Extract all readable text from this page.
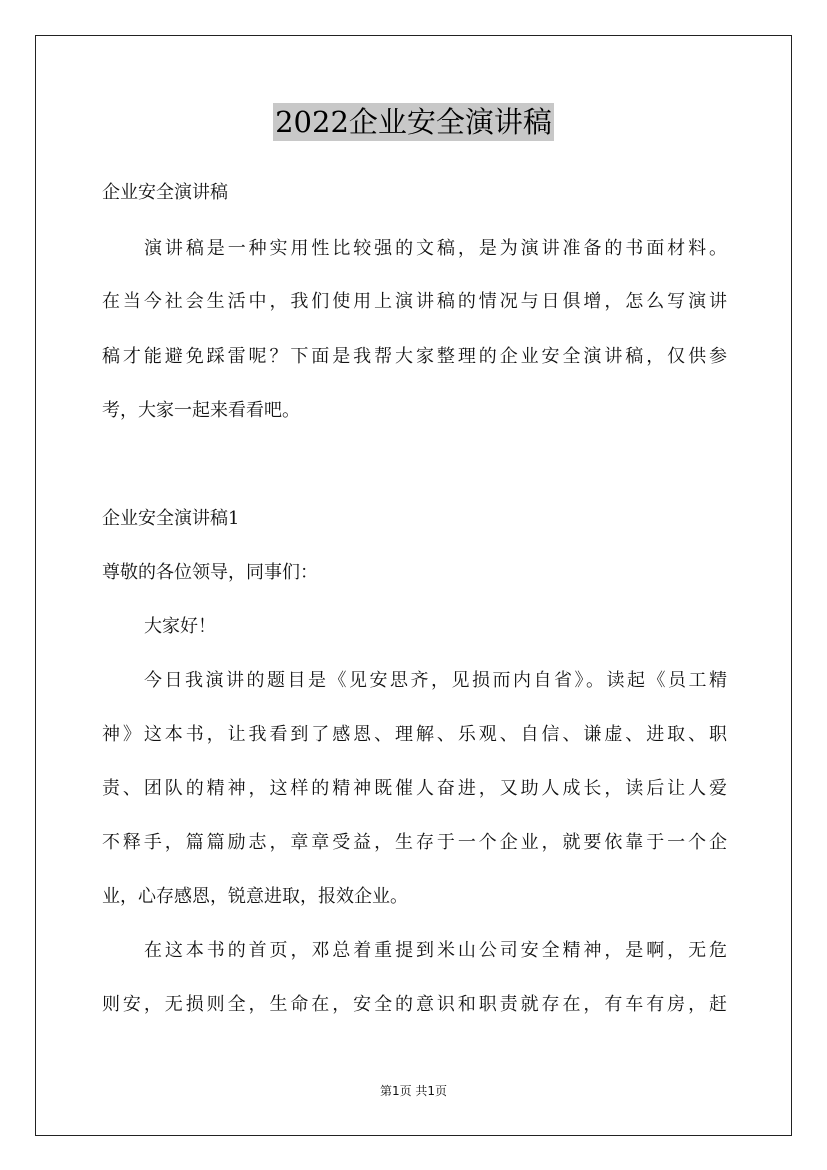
2022企业安全演讲稿
企业安全演讲稿
演讲稿是一种实用性比较强的文稿，是为演讲准备的书面材料。
在当今社会生活中，我们使用上演讲稿的情况与日俱增，怎么写演讲
稿才能避免踩雷呢？下面是我帮大家整理的企业安全演讲稿，仅供参
考，大家一起来看看吧。
企业安全演讲稿1
尊敬的各位领导，同事们：
大家好！
今日我演讲的题目是《见安思齐，见损而内自省》。读起《员工精
神》这本书，让我看到了感恩、理解、乐观、自信、谦虚、进取、职
责、团队的精神，这样的精神既催人奋进，又助人成长，读后让人爱
不释手，篇篇励志，章章受益，生存于一个企业，就要依靠于一个企
业，心存感恩，锐意进取，报效企业。
在这本书的首页，邓总着重提到米山公司安全精神，是啊，无危
则安，无损则全，生命在，安全的意识和职责就存在，有车有房，赶
第1页 共1页
